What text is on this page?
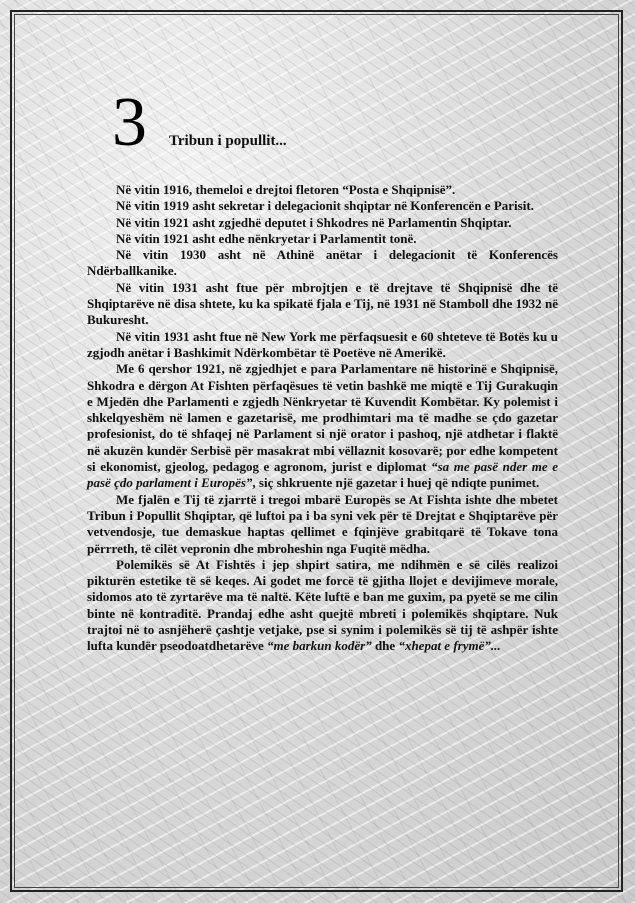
3 Tribun i popullit...

Në vitin 1916, themeloi e drejtoi fletoren “Posta e Shqipnisë”.

Në vitin 1919 asht sekretar i delegacionit shqiptar në Konferencën e Parisit.

Në vitin 1921 asht zgjedhë deputet i Shkodres në Parlamentin Shqiptar.

Në vitin 1921 asht edhe nënkryetar i Parlamentit tonë.

Në vitin 1930 asht në Athinë anëtar i delegacionit të Konferencës Ndërballkanike.

Në vitin 1931 asht ftue për mbrojtjen e të drejtave të Shqipnisë dhe të Shqiptarëve në disa shtete, ku ka spikatë fjala e Tij, në 1931 në Stamboll dhe 1932 në Bukuresht.

Në vitin 1931 asht ftue në New York me përfaqsuesit e 60 shteteve të Botës ku u zgjodh anëtar i Bashkimit Ndërkombëtar të Poetëve në Amerikë.

Me 6 qershor 1921, në zgjedhjet e para Parlamentare në historinë e Shqipnisë, Shkodra e dërgon At Fishten përfaqësues të vetin bashkë me miqtë e Tij Gurakuqin e Mjedën dhe Parlamenti e zgjedh Nënkryetar të Kuvendit Kombëtar. Ky polemist i shkelqyeshëm në lamen e gazetarisë, me prodhimtari ma të madhe se çdo gazetar profesionist, do të shfaqej në Parlament si një orator i pashoq, një atdhetar i flaktë në akuzën kundër Serbisë për masakrat mbi vëllaznit kosovarë; por edhe kompetent si ekonomist, gjeolog, pedagog e agronom, jurist e diplomat “sa me pasë nder me e pasë çdo parlament i Europës”, siç shkruente një gazetar i huej që ndiqte punimet.

Me fjalën e Tij të zjarrtë i tregoi mbarë Europës se At Fishta ishte dhe mbetet Tribun i Popullit Shqiptar, që luftoi pa i ba syni vek për të Drejtat e Shqiptarëve për vetvendosje, tue demaskue haptas qellimet e fqinjëve grabitqarë të Tokave tona përrreth, të cilët vepronin dhe mbroheshin nga Fuqitë mëdha.

Polemikës së At Fishtës i jep shpirt satira, me ndihmën e së cilës realizoi pikturën estetike të së keqes. Ai godet me forcë të gjitha llojet e devijimeve morale, sidomos ato të zyrtarëve ma të naltë. Këte luftë e ban me guxim, pa pyetë se me cilin binte në kontraditë. Prandaj edhe asht quejtë mbreti i polemikës shqiptare. Nuk trajtoi në to asnjëherë çashtje vetjake, pse si synim i polemikës së tij të ashpër ishte lufta kundër pseodoatdhetarëve “me barkun kodër” dhe “xhepat e frymë”...
